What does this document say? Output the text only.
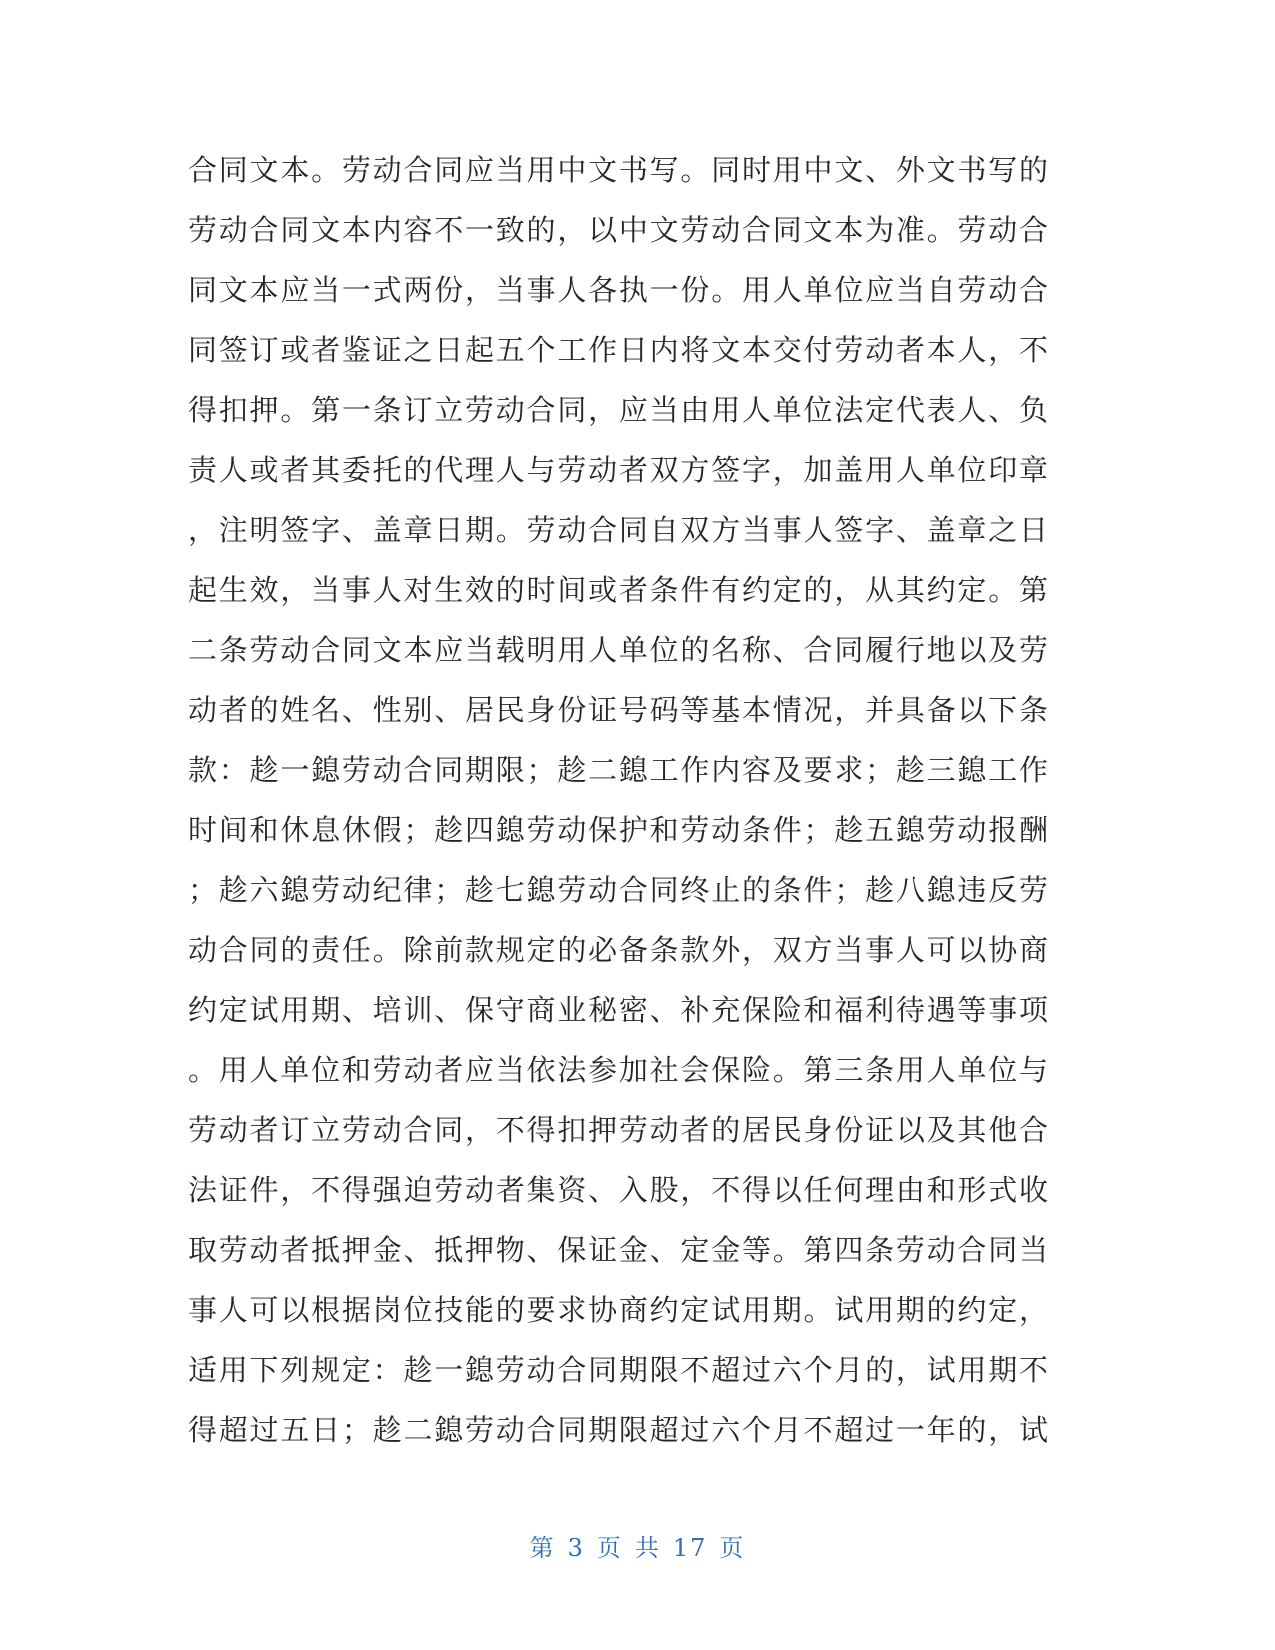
合同文本。劳动合同应当用中文书写。同时用中文、外文书写的
劳动合同文本内容不一致的，以中文劳动合同文本为准。劳动合
同文本应当一式两份，当事人各执一份。用人单位应当自劳动合
同签订或者鉴证之日起五个工作日内将文本交付劳动者本人，不
得扣押。第一条订立劳动合同，应当由用人单位法定代表人、负
责人或者其委托的代理人与劳动者双方签字，加盖用人单位印章
，注明签字、盖章日期。劳动合同自双方当事人签字、盖章之日
起生效，当事人对生效的时间或者条件有约定的，从其约定。第
二条劳动合同文本应当载明用人单位的名称、合同履行地以及劳
动者的姓名、性别、居民身份证号码等基本情况，并具备以下条
款：趁一鎴劳动合同期限；趁二鎴工作内容及要求；趁三鎴工作
时间和休息休假；趁四鎴劳动保护和劳动条件；趁五鎴劳动报酬
；趁六鎴劳动纪律；趁七鎴劳动合同终止的条件；趁八鎴违反劳
动合同的责任。除前款规定的必备条款外，双方当事人可以协商
约定试用期、培训、保守商业秘密、补充保险和福利待遇等事项
。用人单位和劳动者应当依法参加社会保险。第三条用人单位与
劳动者订立劳动合同，不得扣押劳动者的居民身份证以及其他合
法证件，不得强迫劳动者集资、入股，不得以任何理由和形式收
取劳动者抵押金、抵押物、保证金、定金等。第四条劳动合同当
事人可以根据岗位技能的要求协商约定试用期。试用期的约定，
适用下列规定：趁一鎴劳动合同期限不超过六个月的，试用期不
得超过五日；趁二鎴劳动合同期限超过六个月不超过一年的，试
第 3 页 共 17 页
